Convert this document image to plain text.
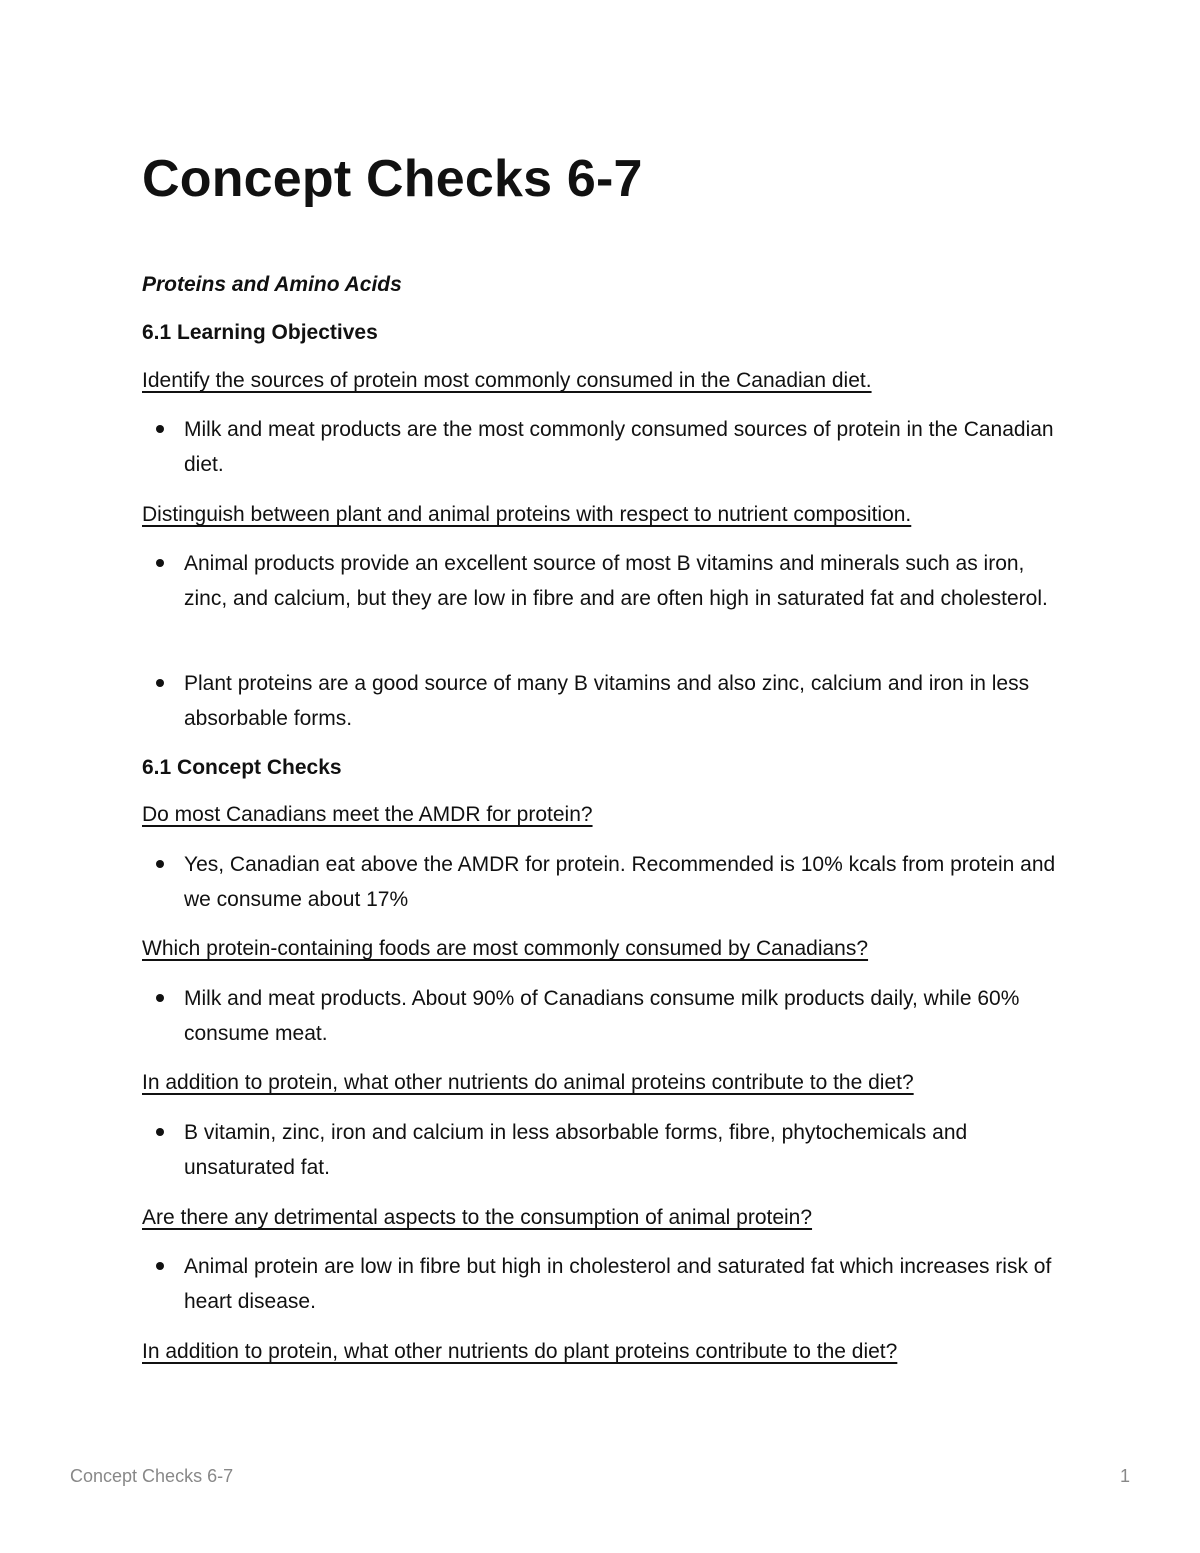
Concept Checks 6-7
Proteins and Amino Acids
6.1 Learning Objectives

Identify the sources of protein most commonly consumed in the Canadian diet.

Milk and meat products are the most commonly consumed sources of protein in the Canadian diet.

Distinguish between plant and animal proteins with respect to nutrient composition.

Animal products provide an excellent source of most B vitamins and minerals such as iron, zinc, and calcium, but they are low in fibre and are often high in saturated fat and cholesterol.
Plant proteins are a good source of many B vitamins and also zinc, calcium and iron in less absorbable forms.
6.1 Concept Checks

Do most Canadians meet the AMDR for protein?

Yes, Canadian eat above the AMDR for protein. Recommended is 10% kcals from protein and we consume about 17%

Which protein-containing foods are most commonly consumed by Canadians?

Milk and meat products. About 90% of Canadians consume milk products daily, while 60% consume meat.

In addition to protein, what other nutrients do animal proteins contribute to the diet?

B vitamin, zinc, iron and calcium in less absorbable forms, fibre, phytochemicals and unsaturated fat.

Are there any detrimental aspects to the consumption of animal protein?

Animal protein are low in fibre but high in cholesterol and saturated fat which increases risk of heart disease.

In addition to protein, what other nutrients do plant proteins contribute to the diet?

Concept Checks 6-7	1
